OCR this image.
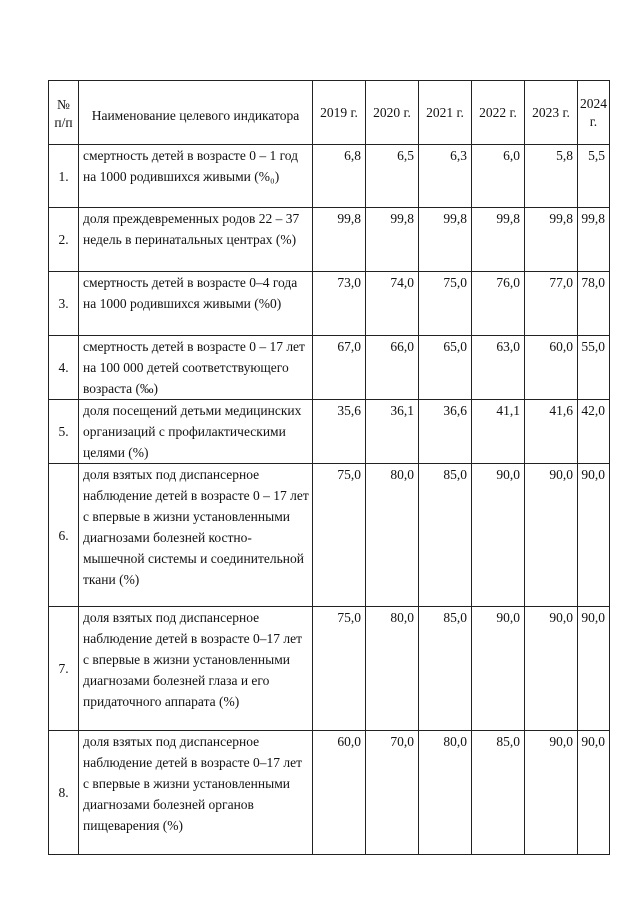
№
п/п	Наименование целевого индикатора	2019 г.	2020 г.	2021 г.	2022 г.	2023 г.	2024 г.
1.	смертность детей в возрасте 0 – 1 год на 1000 родившихся живыми (%₀)	6,8	6,5	6,3	6,0	5,8	5,5
2.	доля преждевременных родов 22 – 37 недель в перинатальных центрах (%)	99,8	99,8	99,8	99,8	99,8	99,8
3.	смертность детей в возрасте 0–4 года на 1000 родившихся живыми (%0)	73,0	74,0	75,0	76,0	77,0	78,0
4.	смертность детей в возрасте 0 – 17 лет на 100 000 детей соответствующего возраста (‰)	67,0	66,0	65,0	63,0	60,0	55,0
5.	доля посещений детьми медицинских организаций с профилактическими целями (%)	35,6	36,1	36,6	41,1	41,6	42,0
6.	доля взятых под диспансерное наблюдение детей в возрасте 0 – 17 лет с впервые в жизни установленными диагнозами болезней костно-мышечной системы и соединительной ткани (%)	75,0	80,0	85,0	90,0	90,0	90,0
7.	доля взятых под диспансерное наблюдение детей в возрасте 0–17 лет с впервые в жизни установленными диагнозами болезней глаза и его придаточного аппарата (%)	75,0	80,0	85,0	90,0	90,0	90,0
8.	доля взятых под диспансерное наблюдение детей в возрасте 0–17 лет с впервые в жизни установленными диагнозами болезней органов пищеварения (%)	60,0	70,0	80,0	85,0	90,0	90,0
